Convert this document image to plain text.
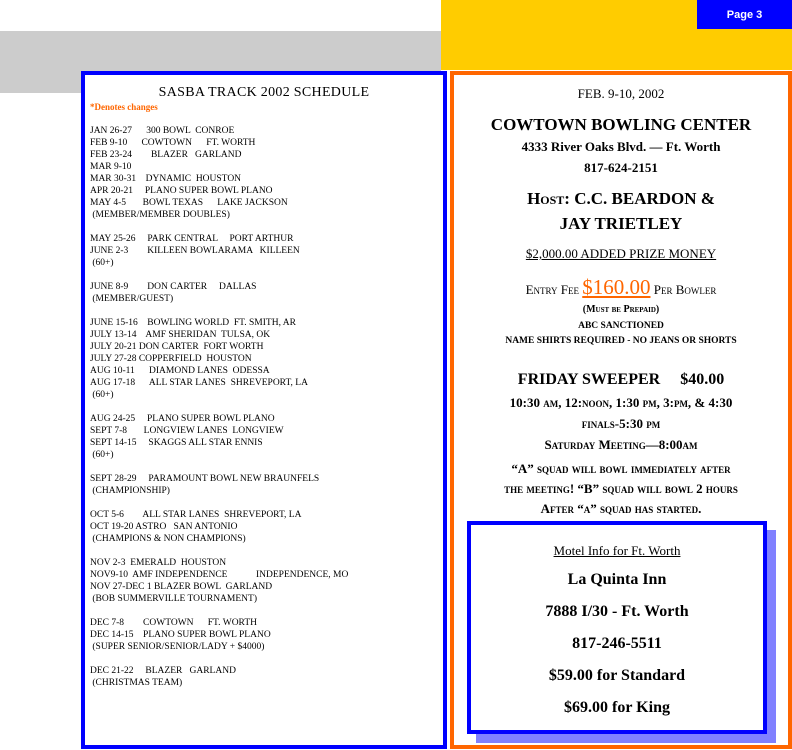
Page 3
SASBA TRACK 2002 SCHEDULE
*Denotes changes
JAN 26-27      300 BOWL  CONROE
FEB 9-10      COWTOWN      FT. WORTH
FEB 23-24        BLAZER   GARLAND
MAR 9-10
MAR 30-31    DYNAMIC  HOUSTON
APR 20-21     PLANO SUPER BOWL PLANO
MAY 4-5       BOWL TEXAS      LAKE JACKSON
(MEMBER/MEMBER DOUBLES)
MAY 25-26     PARK CENTRAL     PORT ARTHUR
JUNE 2-3        KILLEEN BOWLARAMA   KILLEEN
(60+)
JUNE 8-9        DON CARTER     DALLAS
(MEMBER/GUEST)
JUNE 15-16    BOWLING WORLD  FT. SMITH, AR
JULY 13-14    AMF SHERIDAN  TULSA, OK
JULY 20-21 DON CARTER  FORT WORTH
JULY 27-28 COPPERFIELD  HOUSTON
AUG 10-11      DIAMOND LANES  ODESSA
AUG 17-18      ALL STAR LANES  SHREVEPORT, LA
(60+)
AUG 24-25     PLANO SUPER BOWL PLANO
SEPT 7-8       LONGVIEW LANES  LONGVIEW
SEPT 14-15     SKAGGS ALL STAR ENNIS
(60+)
SEPT 28-29     PARAMOUNT BOWL NEW BRAUNFELS
(CHAMPIONSHIP)
OCT 5-6        ALL STAR LANES  SHREVEPORT, LA
OCT 19-20 ASTRO   SAN ANTONIO
(CHAMPIONS & NON CHAMPIONS)
NOV 2-3  EMERALD  HOUSTON
NOV9-10  AMF INDEPENDENCE            INDEPENDENCE, MO
NOV 27-DEC 1 BLAZER BOWL  GARLAND
(BOB SUMMERVILLE TOURNAMENT)
DEC 7-8        COWTOWN      FT. WORTH
DEC 14-15    PLANO SUPER BOWL PLANO
(SUPER SENIOR/SENIOR/LADY + $4000)
DEC 21-22     BLAZER   GARLAND
(CHRISTMAS TEAM)
FEB. 9-10, 2002
COWTOWN BOWLING CENTER
4333 River Oaks Blvd. — Ft. Worth
817-624-2151
Host: C.C. BEARDON &
JAY TRIETLEY
$2,000.00 ADDED PRIZE MONEY
Entry Fee $160.00 Per Bowler
(Must be Prepaid)
ABC SANCTIONED
NAME SHIRTS REQUIRED - NO JEANS OR SHORTS
FRIDAY SWEEPER     $40.00
10:30 am, 12:noon, 1:30 pm, 3:pm, & 4:30
finals-5:30 pm
Saturday Meeting—8:00am
“A” squad will bowl immediately after
the meeting! “B” squad will bowl 2 hours
After “a” squad has started.
Motel Info for Ft. Worth
La Quinta Inn
7888 I/30 - Ft. Worth
817-246-5511
$59.00 for Standard
$69.00 for King
